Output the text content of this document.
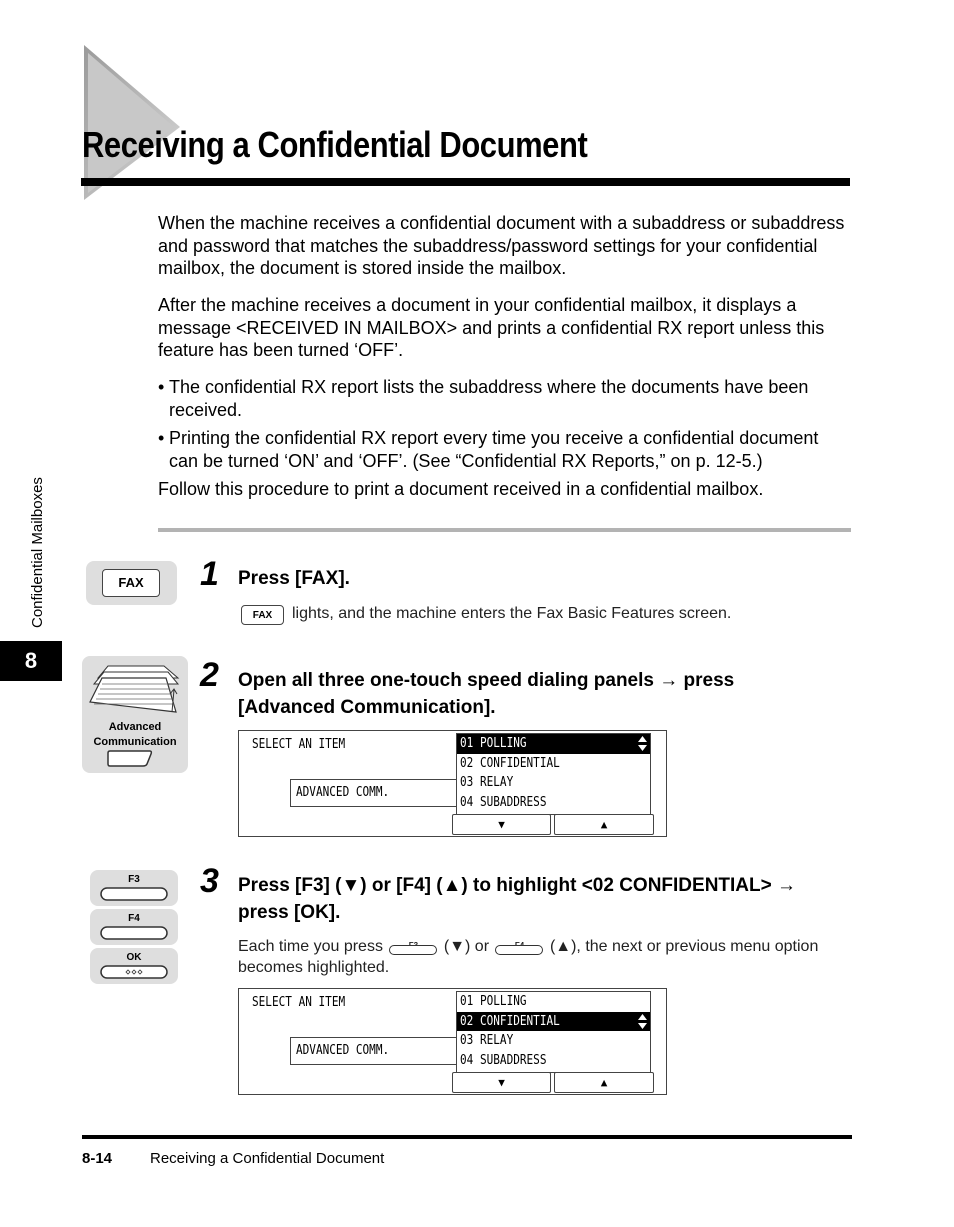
Receiving a Confidential Document
Confidential Mailboxes
8
When the machine receives a confidential document with a subaddress or subaddress and password that matches the subaddress/password settings for your confidential mailbox, the document is stored inside the mailbox.
After the machine receives a document in your confidential mailbox, it displays a message <RECEIVED IN MAILBOX> and prints a confidential RX report unless this feature has been turned ‘OFF’.
• The confidential RX report lists the subaddress where the documents have been received.
• Printing the confidential RX report every time you receive a confidential document can be turned ‘ON’ and ‘OFF’. (See “Confidential RX Reports,” on p. 12-5.)
Follow this procedure to print a document received in a confidential mailbox.
FAX	1 Press [FAX].
FAX	lights, and the machine enters the Fax Basic Features screen.
Advanced
Communication
2 Open all three one-touch speed dialing panels → press
[Advanced Communication].
SELECT AN ITEM
ADVANCED COMM.
01 POLLING
02 CONFIDENTIAL
03 RELAY
04 SUBADDRESS
▼	▲
F3
F4
OK
3 Press [F3] (▼) or [F4] (▲) to highlight <02 CONFIDENTIAL> →
press [OK].
Each time you press	(▼) or	(▲), the next or previous menu option
becomes highlighted.
SELECT AN ITEM
ADVANCED COMM.
01 POLLING
02 CONFIDENTIAL
03 RELAY
04 SUBADDRESS
▼	▲
8-14	Receiving a Confidential Document
